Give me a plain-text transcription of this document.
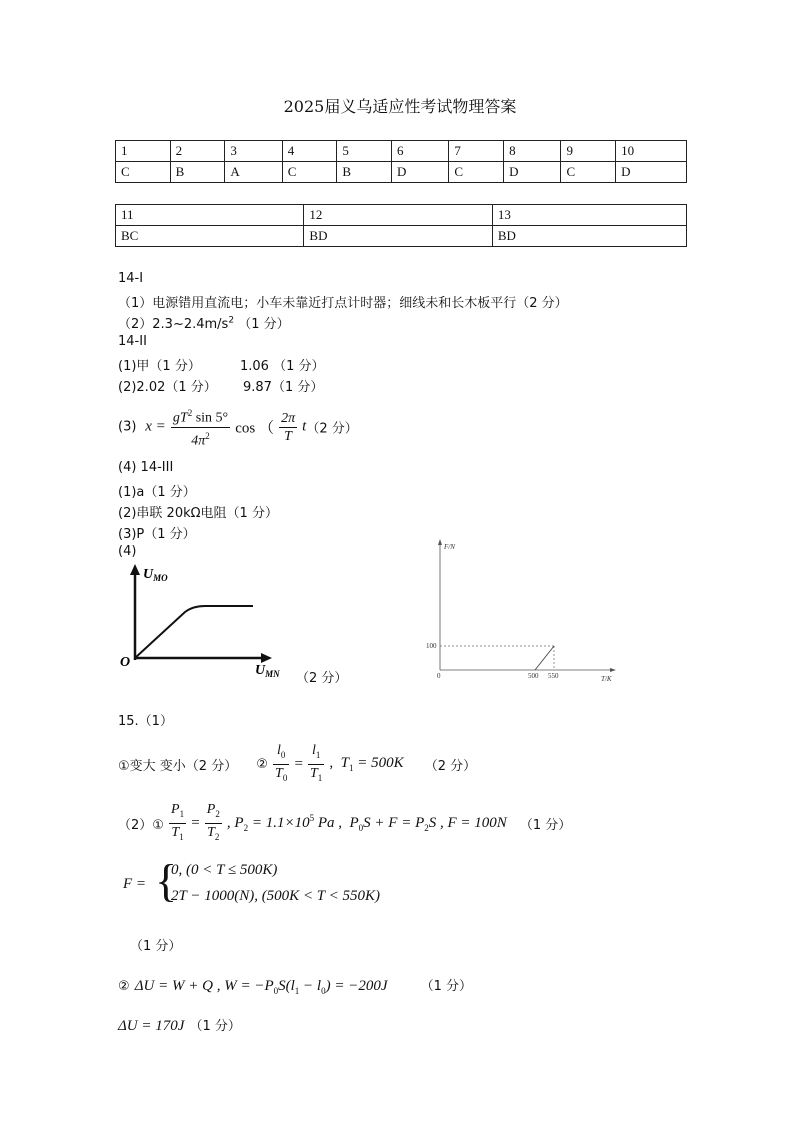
2025届义乌适应性考试物理答案
1	2	3	4	5	6	7	8	9	10
C	B	A	C	B	D	C	D	C	D
11	12	13
BC	BD	BD
14-I
（1）电源错用直流电；小车未靠近打点计时器；细线未和长木板平行（2 分）
$(2)2.3\sim 2.4m/s^2$ （1 分）
14-II
(1)甲（1 分）	1.06 （1 分）
(2)2.02（1 分） 9.87（1 分）
(3)  $x = \frac{gT^2 \sin 5^\circ}{4\pi^2}$ cos （ $\frac{2\pi}{T} t(2$ 分）
(4) 14-III
(1)a（1 分）
(2)串联 20kΩ电阻（1 分）
(3)P（1 分）
(4)
$U_{MO}$
O
$U_{MN}$ （2 分）
F/N
100
0	500 550	T/K
15.（1）
①变大 变小（2 分） ② $\frac{l_0}{T_0} = \frac{l_1}{T_1}$ ,  $T_1 = 500K$ （2 分）
（2）① $\frac{P_1}{T_1} = \frac{P_2}{T_2}$ , $P_2 = 1.1\times 10^5$ Pa ,  $P_0S + F = P_2S$ , F = 100N （1 分）
F = {
0, (0 < T ≤ 500K)
2T − 1000(N), (500K < T < 550K)
（1 分）
② ΔU = W + Q , $W = -P_0S(l_1 - l_0) = -200J$	（1 分）
ΔU = 170J （1 分）
